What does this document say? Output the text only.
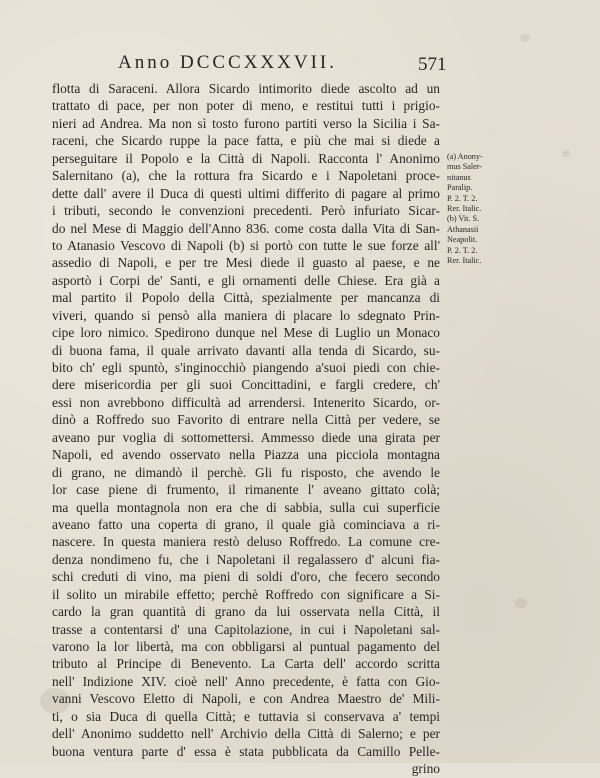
Anno DCCCXXXVII.	571
flotta di Saraceni. Allora Sicardo intimorito diede ascolto ad un
trattato di pace, per non poter di meno, e restitui tutti i prigio-
nieri ad Andrea. Ma non sì tosto furono partiti verso la Sicilia i Sa-
raceni, che Sicardo ruppe la pace fatta, e più che mai si diede a
perseguitare il Popolo e la Città di Napoli. Racconta l' Anonimo
Salernitano (a), che la rottura fra Sicardo e i Napoletani proce-
dette dall' avere il Duca di questi ultimi differito di pagare al primo
i tributi, secondo le convenzioni precedenti. Però infuriato Sicar-
do nel Mese di Maggio dell'Anno 836. come costa dalla Vita di San-
to Atanasio Vescovo di Napoli (b) si portò con tutte le sue forze all'
assedio di Napoli, e per tre Mesi diede il guasto al paese, e ne
asportò i Corpi de' Santi, e gli ornamenti delle Chiese. Era già a
mal partito il Popolo della Città, spezialmente per mancanza di
viveri, quando si pensò alla maniera di placare lo sdegnato Prin-
cipe loro nimico. Spedirono dunque nel Mese di Luglio un Monaco
di buona fama, il quale arrivato davanti alla tenda di Sicardo, su-
bito ch' egli spuntò, s'inginocchiò piangendo a'suoi piedi con chie-
dere misericordia per gli suoi Concittadini, e fargli credere, ch'
essi non avrebbono difficultà ad arrendersi. Intenerito Sicardo, or-
dinò a Roffredo suo Favorito di entrare nella Città per vedere, se
aveano pur voglia di sottomettersi. Ammesso diede una girata per
Napoli, ed avendo osservato nella Piazza una picciola montagna
di grano, ne dimandò il perchè. Gli fu risposto, che avendo le
lor case piene di frumento, il rimanente l' aveano gittato colà;
ma quella montagnola non era che di sabbia, sulla cui superficie
aveano fatto una coperta di grano, il quale già cominciava a ri-
nascere. In questa maniera restò deluso Roffredo. La comune cre-
denza nondimeno fu, che i Napoletani il regalassero d' alcuni fia-
schi creduti di vino, ma pieni di soldi d'oro, che fecero secondo
il solito un mirabile effetto; perchè Roffredo con significare a Si-
cardo la gran quantità di grano da lui osservata nella Città, il
trasse a contentarsi d' una Capitolazione, in cui i Napoletani sal-
varono la lor libertà, ma con obbligarsi al puntual pagamento del
tributo al Principe di Benevento. La Carta dell' accordo scritta
nell' Indizione XIV. cioè nell' Anno precedente, è fatta con Gio-
vanni Vescovo Eletto di Napoli, e con Andrea Maestro de' Mili-
ti, o sia Duca di quella Città; e tuttavia si conservava a' tempi
dell' Anonimo suddetto nell' Archivio della Città di Salerno; e per
buona ventura parte d' essa è stata pubblicata da Camillo Pelle-
grino
(a) Anony-
mus Saler-
nitanus
Paralip.
P. 2. T. 2.
Rer. Italic.
(b) Vit. S.
Athanasii
Neapolit.
P. 2. T. 2.
Rer. Italic.
